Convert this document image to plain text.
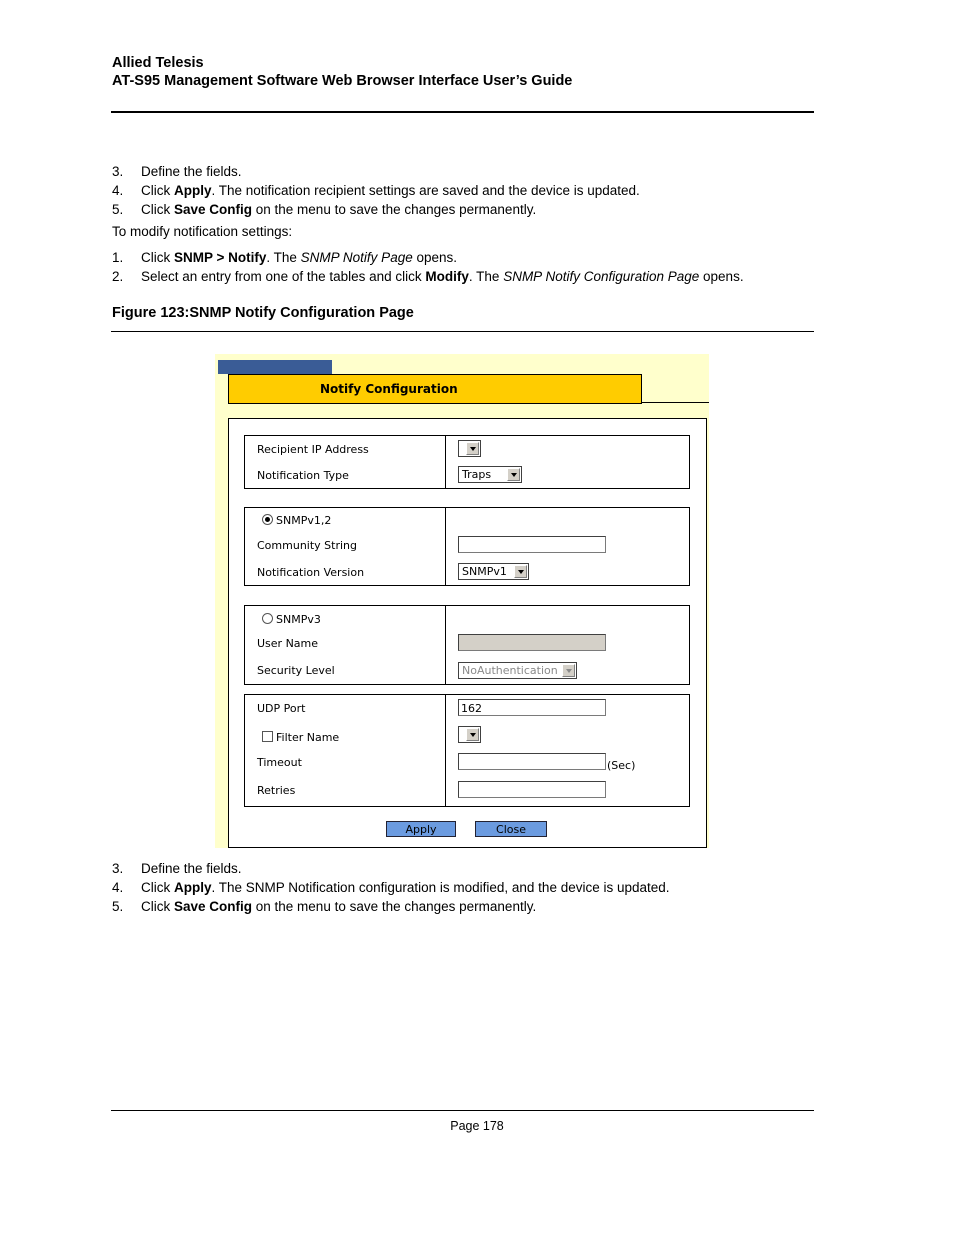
Allied Telesis
AT-S95 Management Software Web Browser Interface User’s Guide
3. Define the fields.
4. Click Apply. The notification recipient settings are saved and the device is updated.
5. Click Save Config on the menu to save the changes permanently.
To modify notification settings:
1. Click SNMP > Notify. The SNMP Notify Page opens.
2. Select an entry from one of the tables and click Modify. The SNMP Notify Configuration Page opens.
Figure 123:SNMP Notify Configuration Page
Notify Configuration
Recipient IP Address
Notification Type	Traps
SNMPv1,2
Community String
Notification Version	SNMPv1
SNMPv3
User Name
Security Level	NoAuthentication
UDP Port	162
Filter Name
Timeout	(Sec)
Retries
Apply	Close
3. Define the fields.
4. Click Apply. The SNMP Notification configuration is modified, and the device is updated.
5. Click Save Config on the menu to save the changes permanently.
Page 178
